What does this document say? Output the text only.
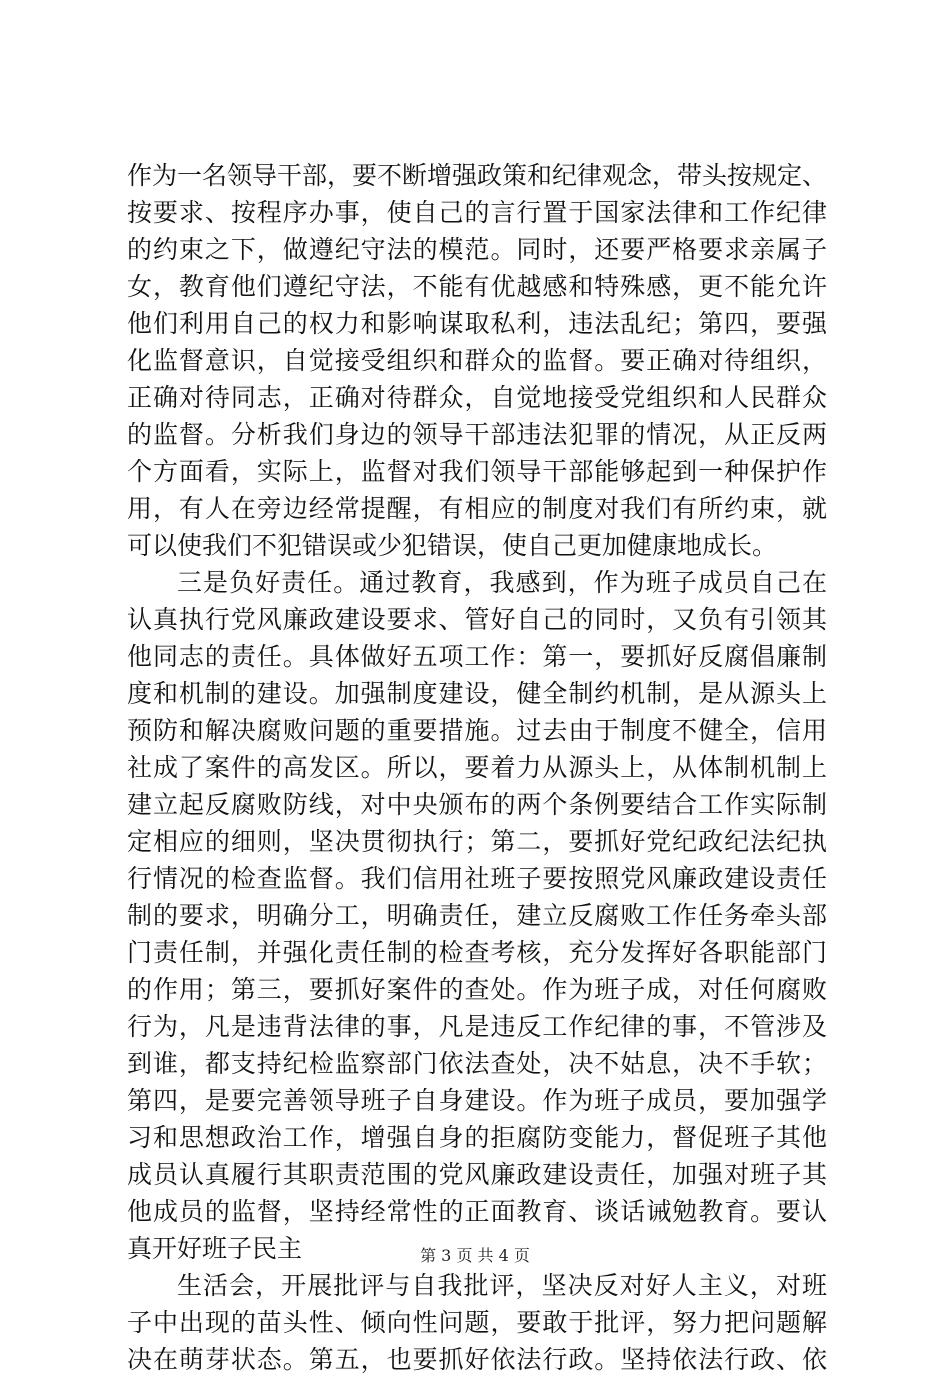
作为一名领导干部，要不断增强政策和纪律观念，带头按规定、
按要求、按程序办事，使自己的言行置于国家法律和工作纪律
的约束之下，做遵纪守法的模范。同时，还要严格要求亲属子
女，教育他们遵纪守法，不能有优越感和特殊感，更不能允许
他们利用自己的权力和影响谋取私利，违法乱纪；第四，要强
化监督意识，自觉接受组织和群众的监督。要正确对待组织，
正确对待同志，正确对待群众，自觉地接受党组织和人民群众
的监督。分析我们身边的领导干部违法犯罪的情况，从正反两
个方面看，实际上，监督对我们领导干部能够起到一种保护作
用，有人在旁边经常提醒，有相应的制度对我们有所约束，就
可以使我们不犯错误或少犯错误，使自己更加健康地成长。
三是负好责任。通过教育，我感到，作为班子成员自己在
认真执行党风廉政建设要求、管好自己的同时，又负有引领其
他同志的责任。具体做好五项工作：第一，要抓好反腐倡廉制
度和机制的建设。加强制度建设，健全制约机制，是从源头上
预防和解决腐败问题的重要措施。过去由于制度不健全，信用
社成了案件的高发区。所以，要着力从源头上，从体制机制上
建立起反腐败防线，对中央颁布的两个条例要结合工作实际制
定相应的细则，坚决贯彻执行；第二，要抓好党纪政纪法纪执
行情况的检查监督。我们信用社班子要按照党风廉政建设责任
制的要求，明确分工，明确责任，建立反腐败工作任务牵头部
门责任制，并强化责任制的检查考核，充分发挥好各职能部门
的作用；第三，要抓好案件的查处。作为班子成，对任何腐败
行为，凡是违背法律的事，凡是违反工作纪律的事，不管涉及
到谁，都支持纪检监察部门依法查处，决不姑息，决不手软；
第四，是要完善领导班子自身建设。作为班子成员，要加强学
习和思想政治工作，增强自身的拒腐防变能力，督促班子其他
成员认真履行其职责范围的党风廉政建设责任，加强对班子其
他成员的监督，坚持经常性的正面教育、谈话诫勉教育。要认
真开好班子民主
生活会，开展批评与自我批评，坚决反对好人主义，对班
子中出现的苗头性、倾向性问题，要敢于批评，努力把问题解
决在萌芽状态。第五，也要抓好依法行政。坚持依法行政、依
第 3 页 共 4 页
